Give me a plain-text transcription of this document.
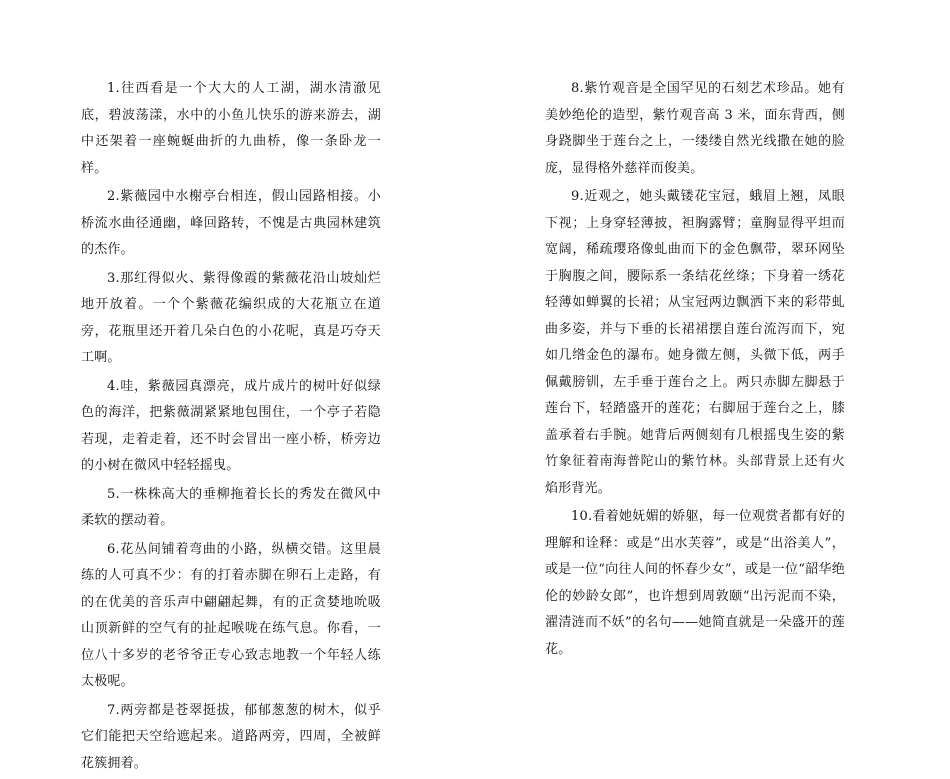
1.往西看是一个大大的人工湖，湖水清澈见底，碧波荡漾，水中的小鱼儿快乐的游来游去，湖中还架着一座蜿蜒曲折的九曲桥，像一条卧龙一样。

2.紫薇园中水榭亭台相连，假山园路相接。小桥流水曲径通幽，峰回路转，不愧是古典园林建筑的杰作。

3.那红得似火、紫得像霞的紫薇花沿山坡灿烂地开放着。一个个紫薇花编织成的大花瓶立在道旁，花瓶里还开着几朵白色的小花呢，真是巧夺天工啊。

4.哇，紫薇园真漂亮，成片成片的树叶好似绿色的海洋，把紫薇湖紧紧地包围住，一个亭子若隐若现，走着走着，还不时会冒出一座小桥，桥旁边的小树在微风中轻轻摇曳。

5.一株株高大的垂柳拖着长长的秀发在微风中柔软的摆动着。

6.花丛间铺着弯曲的小路，纵横交错。这里晨练的人可真不少：有的打着赤脚在卵石上走路，有的在优美的音乐声中翩翩起舞，有的正贪婪地吮吸山顶新鲜的空气有的扯起喉咙在练气息。你看，一位八十多岁的老爷爷正专心致志地教一个年轻人练太极呢。

7.两旁都是苍翠挺拔，郁郁葱葱的树木，似乎它们能把天空给遮起来。道路两旁，四周，全被鲜花簇拥着。

8.紫竹观音是全国罕见的石刻艺术珍品。她有美妙绝伦的造型，紫竹观音高 3 米，面东背西，侧身跷脚坐于莲台之上，一缕缕自然光线撒在她的脸庞，显得格外慈祥而俊美。

9.近观之，她头戴镂花宝冠，蛾眉上翘，凤眼下视；上身穿轻薄披，袒胸露臂；童胸显得平坦而宽阔，稀疏璎珞像虬曲而下的金色飘带，翠环网坠于胸腹之间，腰际系一条结花丝绦；下身着一绣花轻薄如蝉翼的长裙；从宝冠两边飘洒下来的彩带虬曲多姿，并与下垂的长裙裙摆自莲台流泻而下，宛如几绺金色的瀑布。她身微左侧，头微下低，两手佩戴膀钏，左手垂于莲台之上。两只赤脚左脚悬于莲台下，轻踏盛开的莲花；右脚屈于莲台之上，膝盖承着右手腕。她背后两侧刻有几根摇曳生姿的紫竹象征着南海普陀山的紫竹林。头部背景上还有火焰形背光。

10.看着她妩媚的娇躯，每一位观赏者都有好的理解和诠释：或是“出水芙蓉”，或是“出浴美人”，或是一位“向往人间的怀春少女”，或是一位“韶华绝伦的妙龄女郎”，也许想到周敦颐“出污泥而不染，濯清涟而不妖”的名句——她简直就是一朵盛开的莲花。
